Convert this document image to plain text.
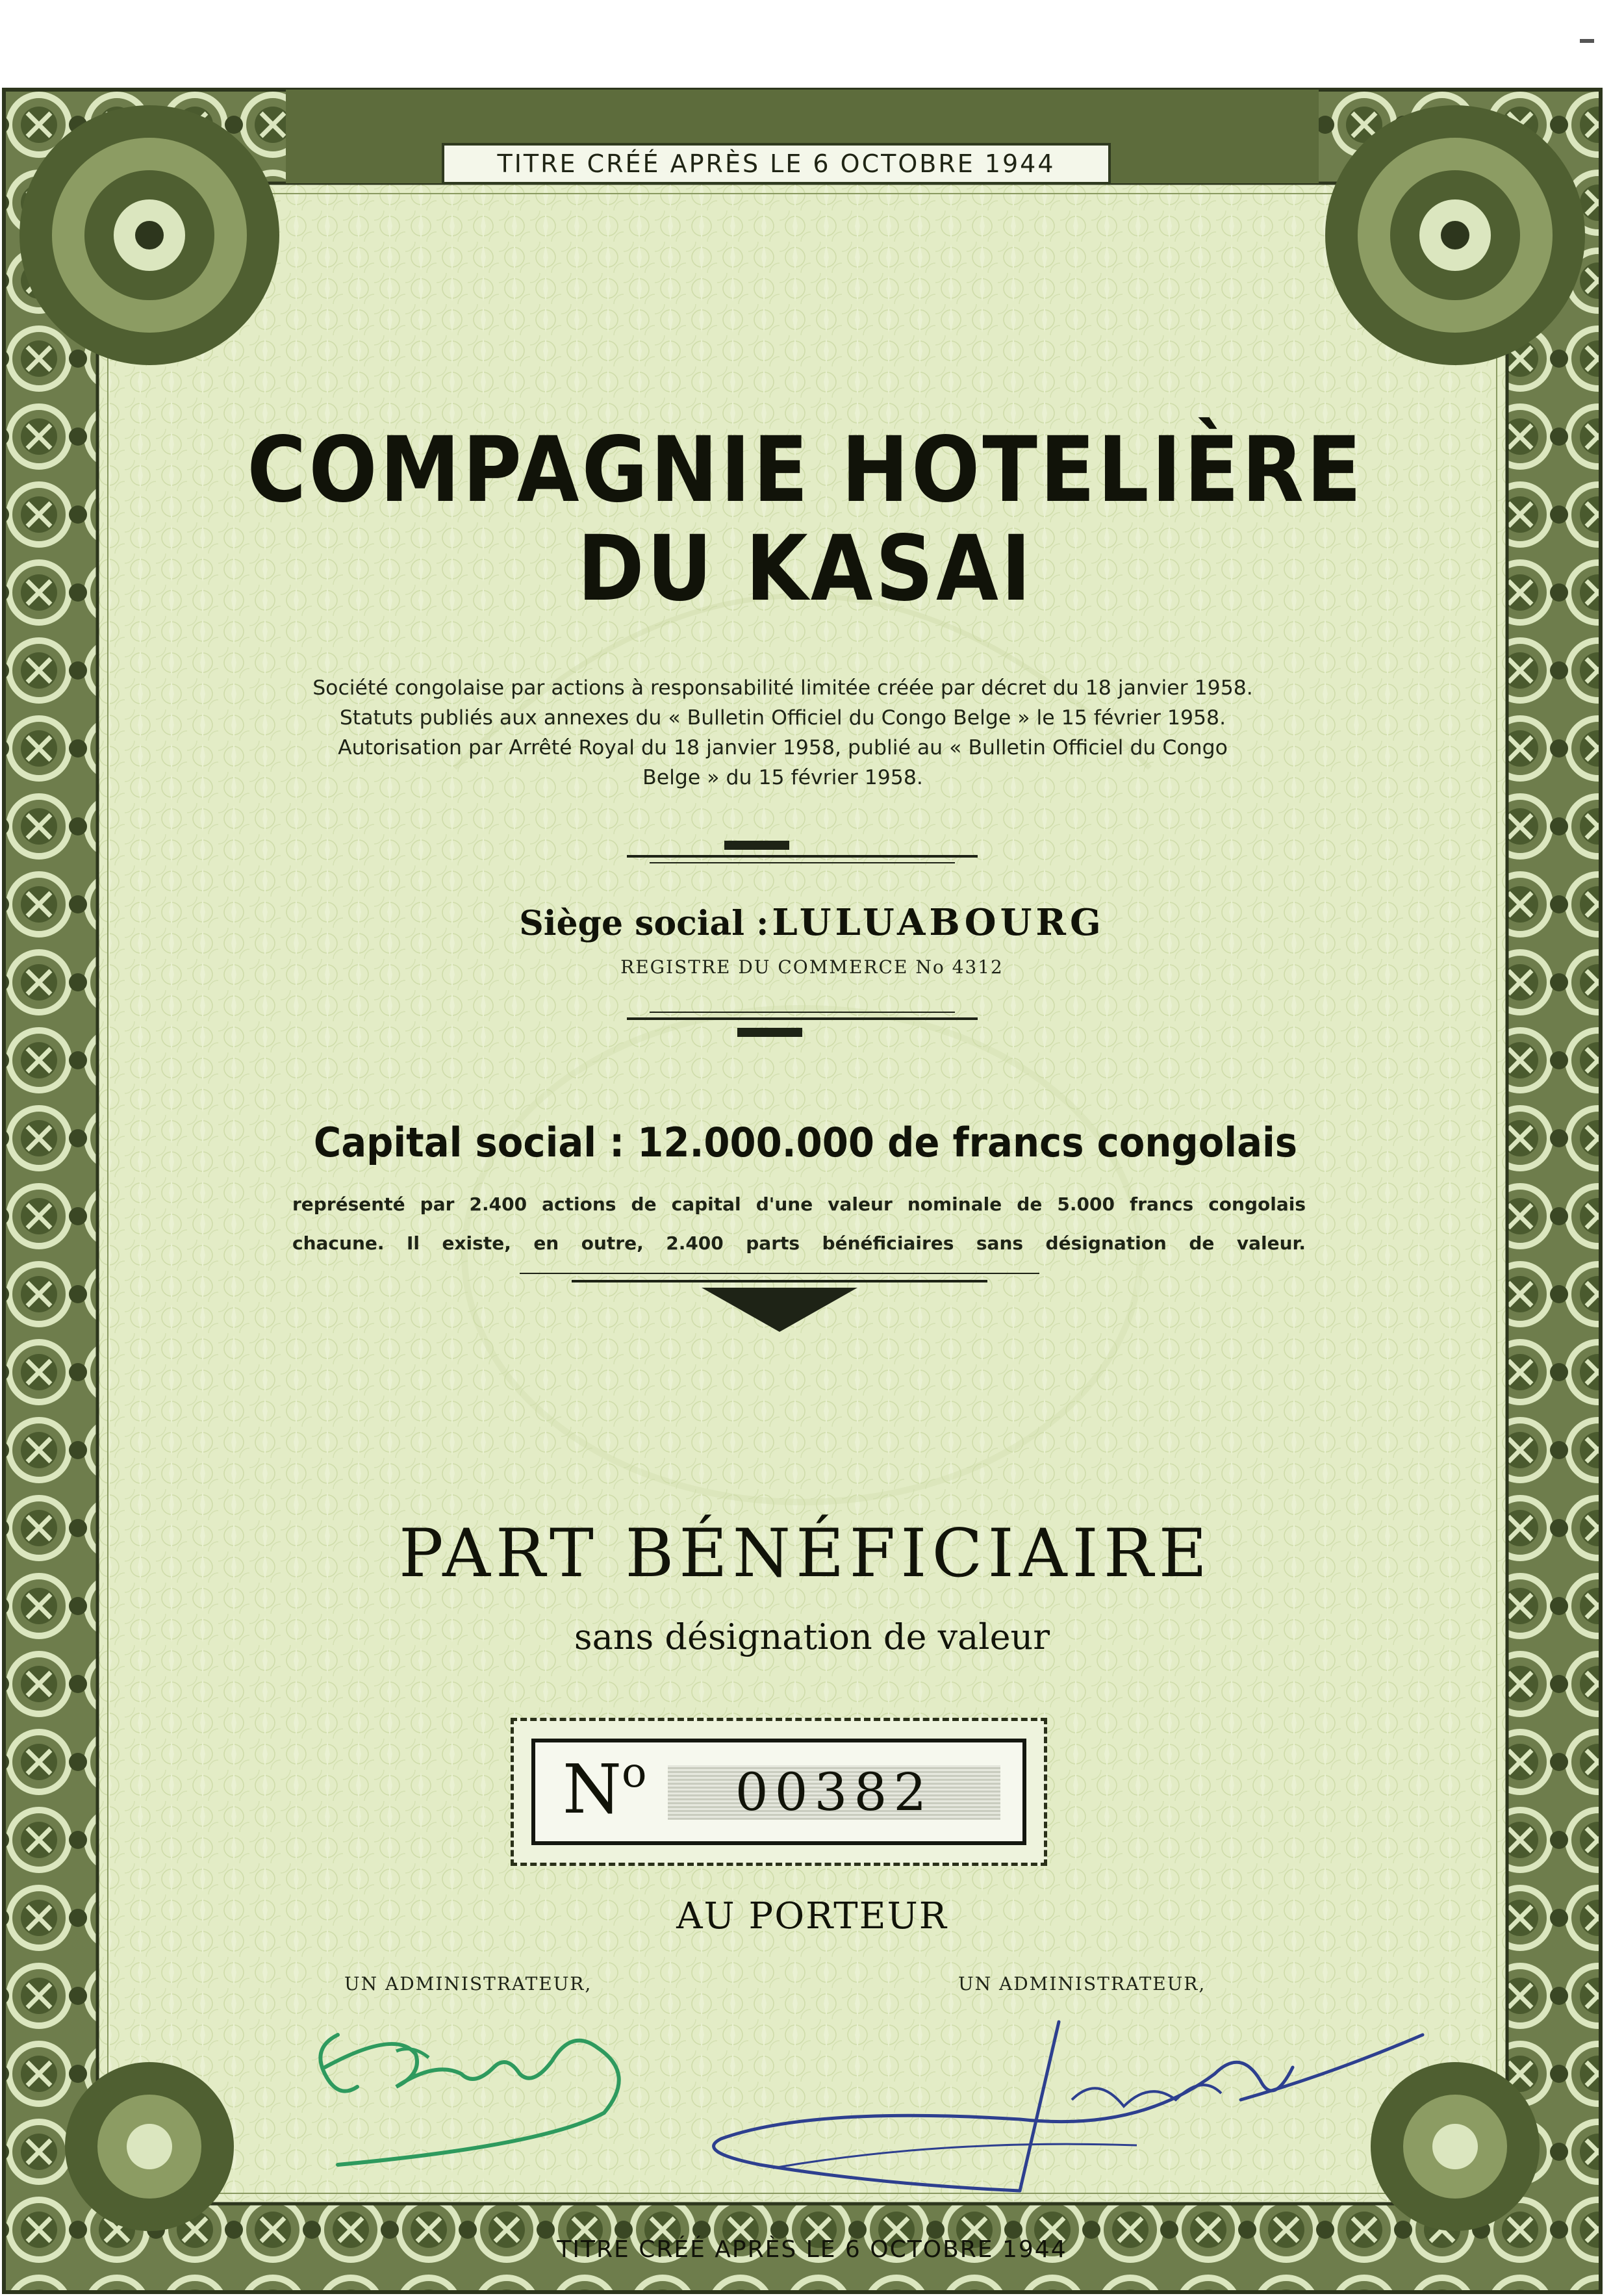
TITRE CRÉÉ APRÈS LE 6 OCTOBRE 1944
COMPAGNIE HOTELIÈRE
DU KASAI
Société congolaise par actions à responsabilité limitée créée par décret du 18 janvier 1958.
Statuts publiés aux annexes du « Bulletin Officiel du Congo Belge » le 15 février 1958.
Autorisation par Arrêté Royal du 18 janvier 1958, publié au « Bulletin Officiel du Congo
Belge » du 15 février 1958.
Siège social : LULUABOURG
REGISTRE DU COMMERCE No 4312
Capital social : 12.000.000 de francs congolais
représenté par 2.400 actions de capital d'une valeur nominale de 5.000 francs congolais
chacune. Il existe, en outre, 2.400 parts bénéficiaires sans désignation de valeur.
PART BÉNÉFICIAIRE
sans désignation de valeur
$N^o$	00382
AU PORTEUR
UN ADMINISTRATEUR,	UN ADMINISTRATEUR,
TITRE CRÉÉ APRÈS LE 6 OCTOBRE 1944
